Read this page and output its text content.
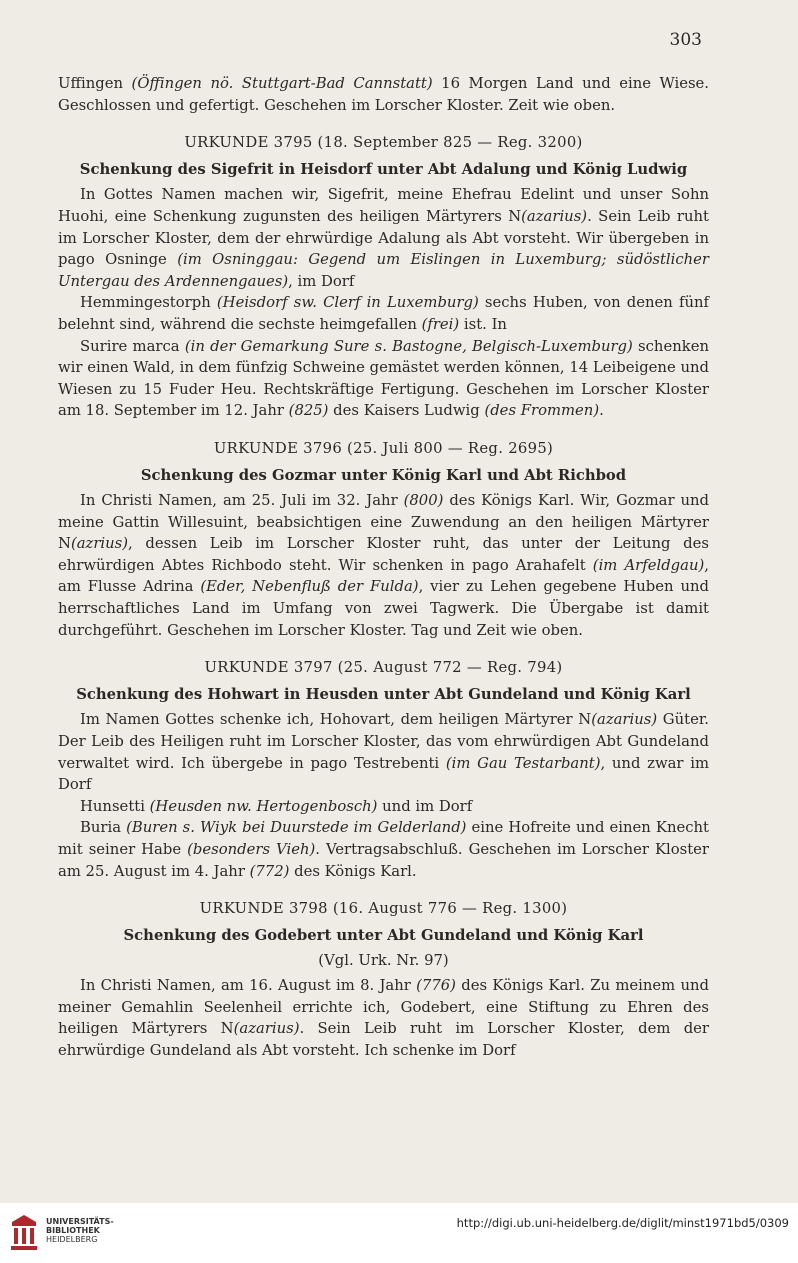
303

Uffingen (Öffingen nö. Stuttgart-Bad Cannstatt) 16 Morgen Land und eine Wiese. Geschlossen und gefertigt. Geschehen im Lorscher Kloster. Zeit wie oben.

URKUNDE 3795 (18. September 825 — Reg. 3200)
Schenkung des Sigefrit in Heisdorf unter Abt Adalung und König Ludwig

In Gottes Namen machen wir, Sigefrit, meine Ehefrau Edelint und unser Sohn Huohi, eine Schenkung zugunsten des heiligen Märtyrers N(azarius). Sein Leib ruht im Lorscher Kloster, dem der ehrwürdige Adalung als Abt vorsteht. Wir übergeben in pago Osninge (im Osninggau: Gegend um Eislingen in Luxemburg; südöstlicher Untergau des Ardennengaues), im Dorf

Hemmingestorph (Heisdorf sw. Clerf in Luxemburg) sechs Huben, von denen fünf belehnt sind, während die sechste heimgefallen (frei) ist. In

Surire marca (in der Gemarkung Sure s. Bastogne, Belgisch-Luxemburg) schenken wir einen Wald, in dem fünfzig Schweine gemästet werden können, 14 Leibeigene und Wiesen zu 15 Fuder Heu. Rechtskräftige Fertigung. Geschehen im Lorscher Kloster am 18. September im 12. Jahr (825) des Kaisers Ludwig (des Frommen).

URKUNDE 3796 (25. Juli 800 — Reg. 2695)
Schenkung des Gozmar unter König Karl und Abt Richbod

In Christi Namen, am 25. Juli im 32. Jahr (800) des Königs Karl. Wir, Gozmar und meine Gattin Willesuint, beabsichtigen eine Zuwendung an den heiligen Märtyrer N(azrius), dessen Leib im Lorscher Kloster ruht, das unter der Leitung des ehrwürdigen Abtes Richbodo steht. Wir schenken in pago Arahafelt (im Arfeldgau), am Flusse Adrina (Eder, Nebenfluß der Fulda), vier zu Lehen gegebene Huben und herrschaftliches Land im Umfang von zwei Tagwerk. Die Übergabe ist damit durchgeführt. Geschehen im Lorscher Kloster. Tag und Zeit wie oben.

URKUNDE 3797 (25. August 772 — Reg. 794)
Schenkung des Hohwart in Heusden unter Abt Gundeland und König Karl

Im Namen Gottes schenke ich, Hohovart, dem heiligen Märtyrer N(azarius) Güter. Der Leib des Heiligen ruht im Lorscher Kloster, das vom ehrwürdigen Abt Gundeland verwaltet wird. Ich übergebe in pago Testrebenti (im Gau Testarbant), und zwar im Dorf

Hunsetti (Heusden nw. Hertogenbosch) und im Dorf

Buria (Buren s. Wiyk bei Duurstede im Gelderland) eine Hofreite und einen Knecht mit seiner Habe (besonders Vieh). Vertragsabschluß. Geschehen im Lorscher Kloster am 25. August im 4. Jahr (772) des Königs Karl.

URKUNDE 3798 (16. August 776 — Reg. 1300)
Schenkung des Godebert unter Abt Gundeland und König Karl
(Vgl. Urk. Nr. 97)

In Christi Namen, am 16. August im 8. Jahr (776) des Königs Karl. Zu meinem und meiner Gemahlin Seelenheil errichte ich, Godebert, eine Stiftung zu Ehren des heiligen Märtyrers N(azarius). Sein Leib ruht im Lorscher Kloster, dem der ehrwürdige Gundeland als Abt vorsteht. Ich schenke im Dorf

UNIVERSITÄTS-
BIBLIOTHEK
HEIDELBERG
http://digi.ub.uni-heidelberg.de/diglit/minst1971bd5/0309
